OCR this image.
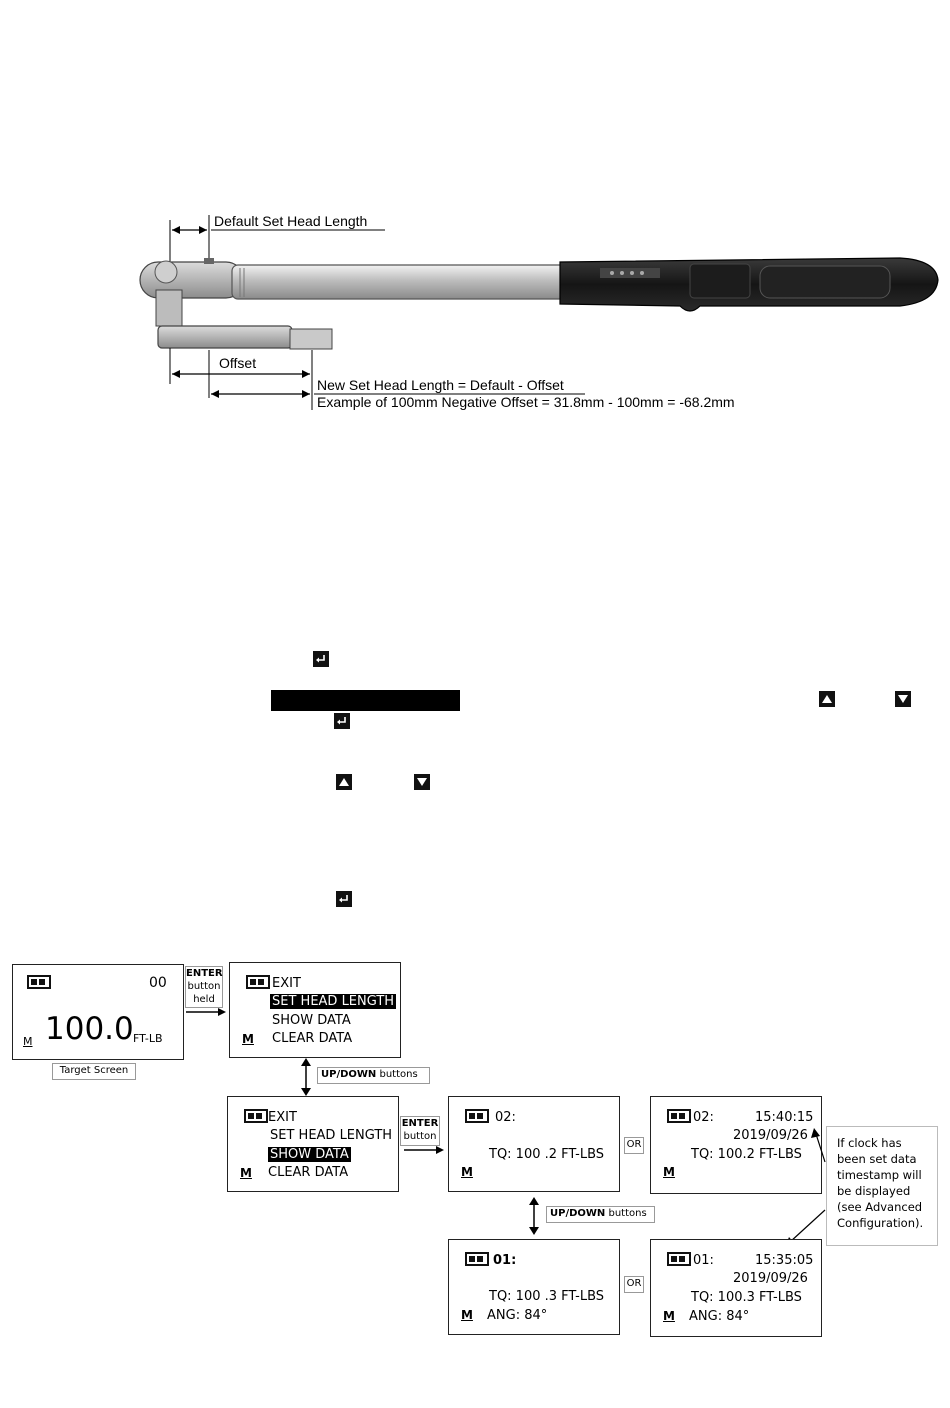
Default Set Head Length
Offset
New Set Head Length = Default - Offset
Example of 100mm Negative Offset = 31.8mm - 100mm = -68.2mm
00
M 100.0 FT-LB
Target Screen
ENTER
button
held
EXIT
SET HEAD LENGTH
SHOW DATA
M CLEAR DATA
UP/DOWN buttons
EXIT
SET HEAD LENGTH
SHOW DATA
M CLEAR DATA
ENTER
button
02:
TQ: 100 .2 FT-LBS
M
OR
02:	15:40:15
2019/09/26
TQ: 100.2 FT-LBS
M
If clock has been set data timestamp will be displayed (see Advanced Configuration).
UP/DOWN buttons
01:
TQ: 100 .3 FT-LBS
M ANG: 84°
OR
01:	15:35:05
2019/09/26
TQ: 100.3 FT-LBS
M ANG: 84°
